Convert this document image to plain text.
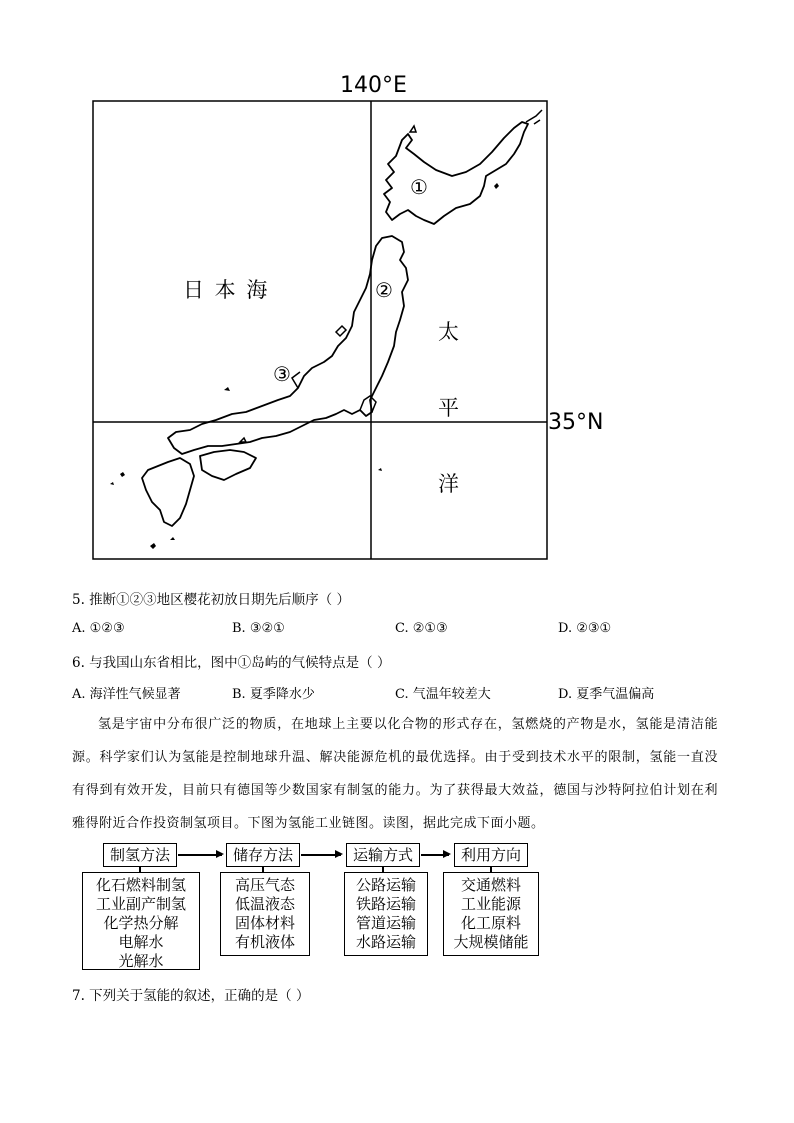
140°E
35°N
日 本 海
太
平
洋
①
②
③
5. 推断①②③地区樱花初放日期先后顺序（ ）
A. ①②③	B. ③②①	C. ②①③	D. ②③①
6. 与我国山东省相比，图中①岛屿的气候特点是（ ）
A. 海洋性气候显著	B. 夏季降水少	C. 气温年较差大	D. 夏季气温偏高

氢是宇宙中分布很广泛的物质，在地球上主要以化合物的形式存在，氢燃烧的产物是水，氢能是清洁能源。科学家们认为氢能是控制地球升温、解决能源危机的最优选择。由于受到技术水平的限制，氢能一直没有得到有效开发，目前只有德国等少数国家有制氢的能力。为了获得最大效益，德国与沙特阿拉伯计划在利雅得附近合作投资制氢项目。下图为氢能工业链图。读图，据此完成下面小题。

制氢方法	储存方法	运输方式	利用方向
化石燃料制氢
工业副产制氢
化学热分解
电解水
光解水
高压气态
低温液态
固体材料
有机液体
公路运输
铁路运输
管道运输
水路运输
交通燃料
工业能源
化工原料
大规模储能
7. 下列关于氢能的叙述，正确的是（ ）
